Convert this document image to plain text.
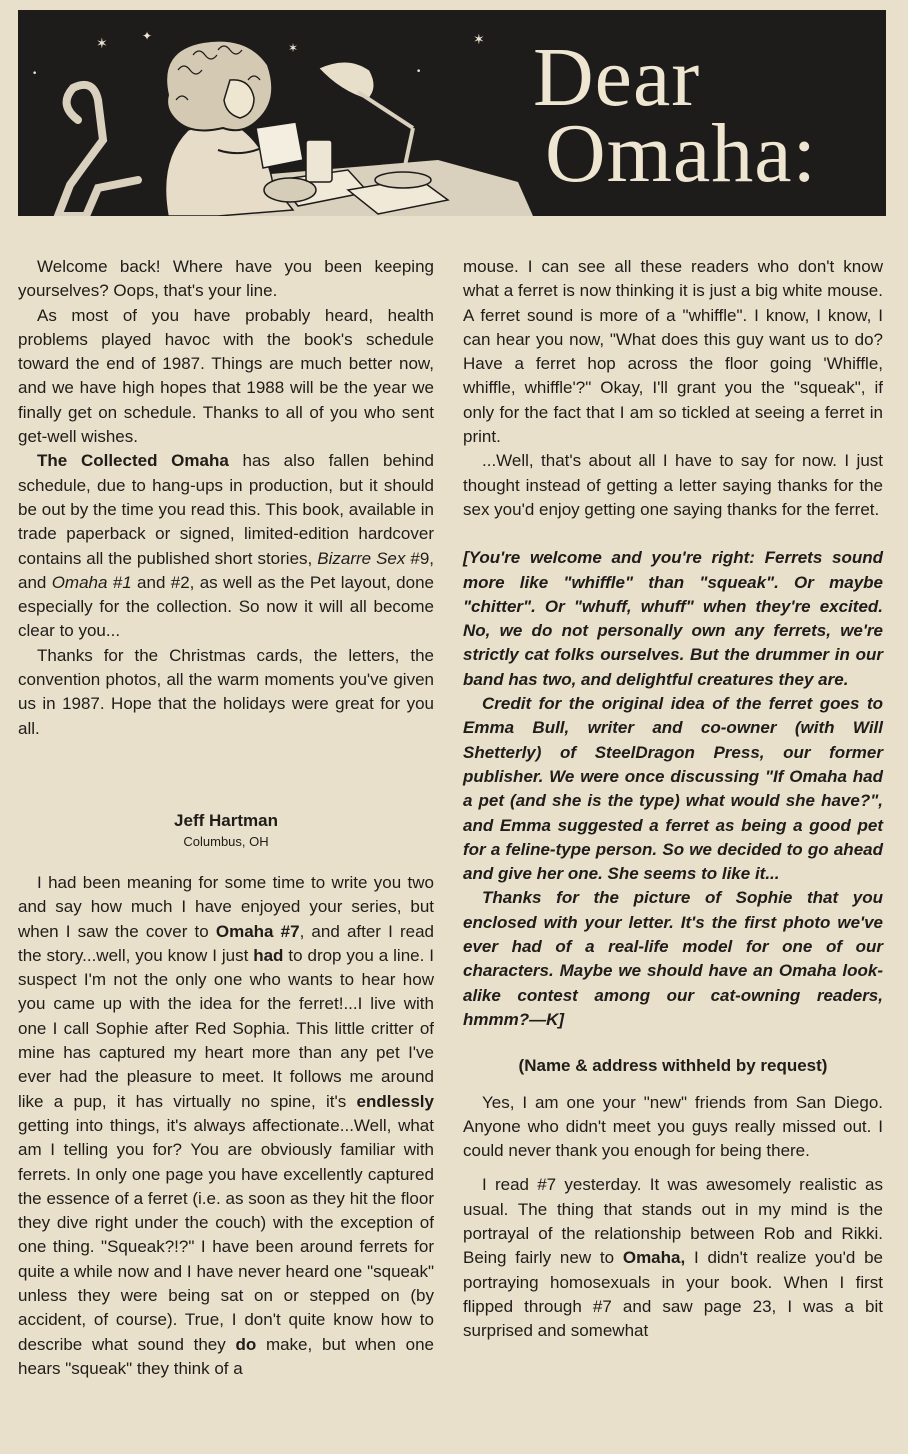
✶	✦
•
✶	✶
• Dear
Omaha:

Welcome back! Where have you been keeping yourselves? Oops, that's your line.

As most of you have probably heard, health problems played havoc with the book's schedule toward the end of 1987. Things are much better now, and we have high hopes that 1988 will be the year we finally get on schedule. Thanks to all of you who sent get-well wishes.

The Collected Omaha has also fallen behind schedule, due to hang-ups in production, but it should be out by the time you read this. This book, available in trade paperback or signed, limited-edition hardcover contains all the published short stories, Bizarre Sex #9, and Omaha #1 and #2, as well as the Pet layout, done especially for the collection. So now it will all become clear to you...

Thanks for the Christmas cards, the letters, the convention photos, all the warm moments you've given us in 1987. Hope that the holidays were great for you all.

Jeff Hartman
Columbus, OH

I had been meaning for some time to write you two and say how much I have enjoyed your series, but when I saw the cover to Omaha #7, and after I read the story...well, you know I just had to drop you a line. I suspect I'm not the only one who wants to hear how you came up with the idea for the ferret!...I live with one I call Sophie after Red Sophia. This little critter of mine has captured my heart more than any pet I've ever had the pleasure to meet. It follows me around like a pup, it has virtually no spine, it's endlessly getting into things, it's always affectionate...Well, what am I telling you for? You are obviously familiar with ferrets. In only one page you have excellently captured the essence of a ferret (i.e. as soon as they hit the floor they dive right under the couch) with the exception of one thing. "Squeak?!?" I have been around ferrets for quite a while now and I have never heard one "squeak" unless they were being sat on or stepped on (by accident, of course). True, I don't quite know how to describe what sound they do make, but when one hears "squeak" they think of a

mouse. I can see all these readers who don't know what a ferret is now thinking it is just a big white mouse. A ferret sound is more of a "whiffle". I know, I know, I can hear you now, "What does this guy want us to do? Have a ferret hop across the floor going 'Whiffle, whiffle, whiffle'?" Okay, I'll grant you the "squeak", if only for the fact that I am so tickled at seeing a ferret in print.

...Well, that's about all I have to say for now. I just thought instead of getting a letter saying thanks for the sex you'd enjoy getting one saying thanks for the ferret.

[You're welcome and you're right: Ferrets sound more like "whiffle" than "squeak". Or maybe "chitter". Or "whuff, whuff" when they're excited. No, we do not personally own any ferrets, we're strictly cat folks ourselves. But the drummer in our band has two, and delightful creatures they are.

Credit for the original idea of the ferret goes to Emma Bull, writer and co-owner (with Will Shetterly) of SteelDragon Press, our former publisher. We were once discussing "If Omaha had a pet (and she is the type) what would she have?", and Emma suggested a ferret as being a good pet for a feline-type person. So we decided to go ahead and give her one. She seems to like it...

Thanks for the picture of Sophie that you enclosed with your letter. It's the first photo we've ever had of a real-life model for one of our characters. Maybe we should have an Omaha look-alike contest among our cat-owning readers, hmmm?—K]

(Name & address withheld by request)

Yes, I am one your "new" friends from San Diego. Anyone who didn't meet you guys really missed out. I could never thank you enough for being there.

I read #7 yesterday. It was awesomely realistic as usual. The thing that stands out in my mind is the portrayal of the relationship between Rob and Rikki. Being fairly new to Omaha, I didn't realize you'd be portraying homosexuals in your book. When I first flipped through #7 and saw page 23, I was a bit surprised and somewhat
